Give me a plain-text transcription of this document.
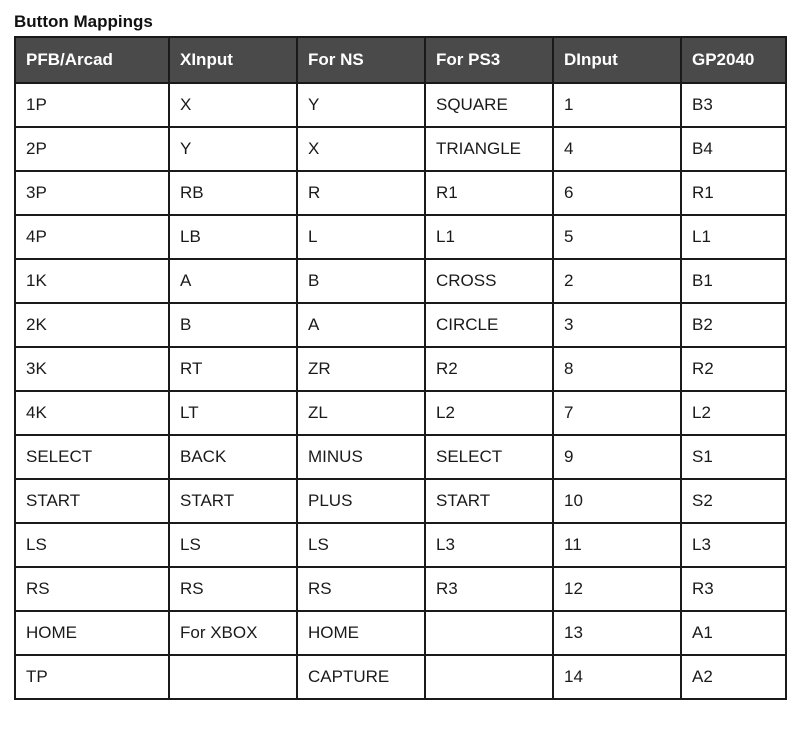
Button Mappings
PFB/Arcad	XInput	For NS	For PS3	DInput	GP2040
1P	X	Y	SQUARE	1	B3
2P	Y	X	TRIANGLE	4	B4
3P	RB	R	R1	6	R1
4P	LB	L	L1	5	L1
1K	A	B	CROSS	2	B1
2K	B	A	CIRCLE	3	B2
3K	RT	ZR	R2	8	R2
4K	LT	ZL	L2	7	L2
SELECT	BACK	MINUS	SELECT	9	S1
START	START	PLUS	START	10	S2
LS	LS	LS	L3	11	L3
RS	RS	RS	R3	12	R3
HOME	For XBOX	HOME		13	A1
TP		CAPTURE		14	A2
